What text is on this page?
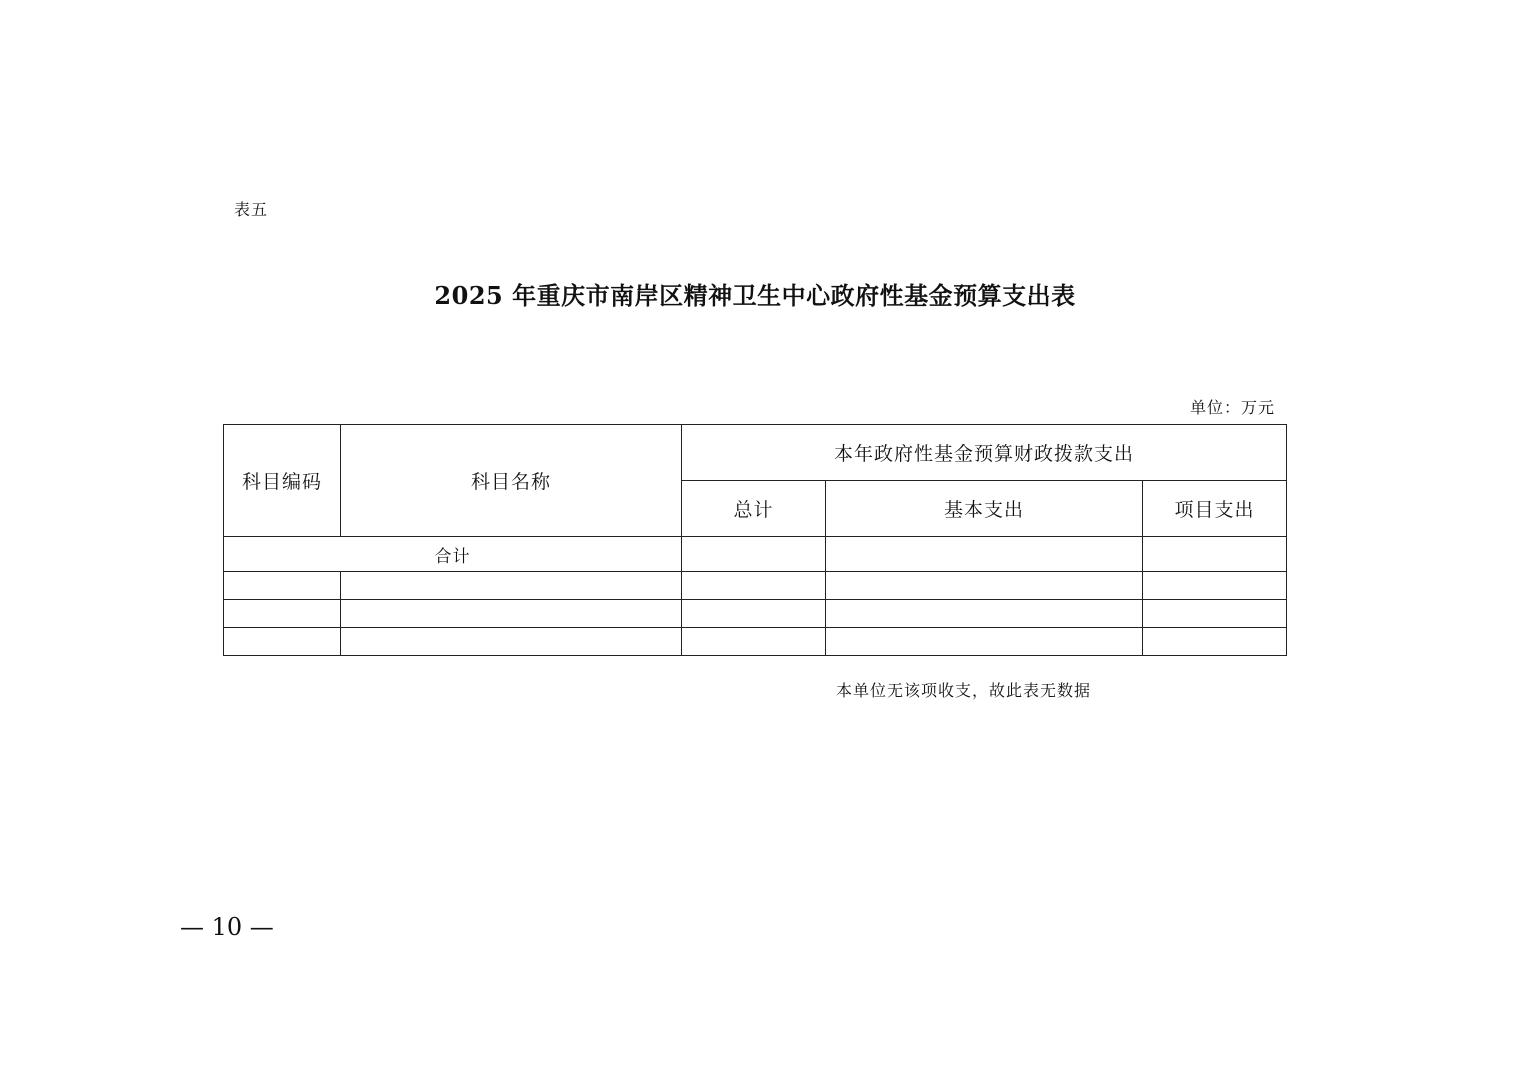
表五
2025 年重庆市南岸区精神卫生中心政府性基金预算支出表
单位：万元
科目编码	科目名称	本年政府性基金预算财政拨款支出		
		总计	基本支出	项目支出
合计				

本单位无该项收支，故此表无数据
— 10 —
